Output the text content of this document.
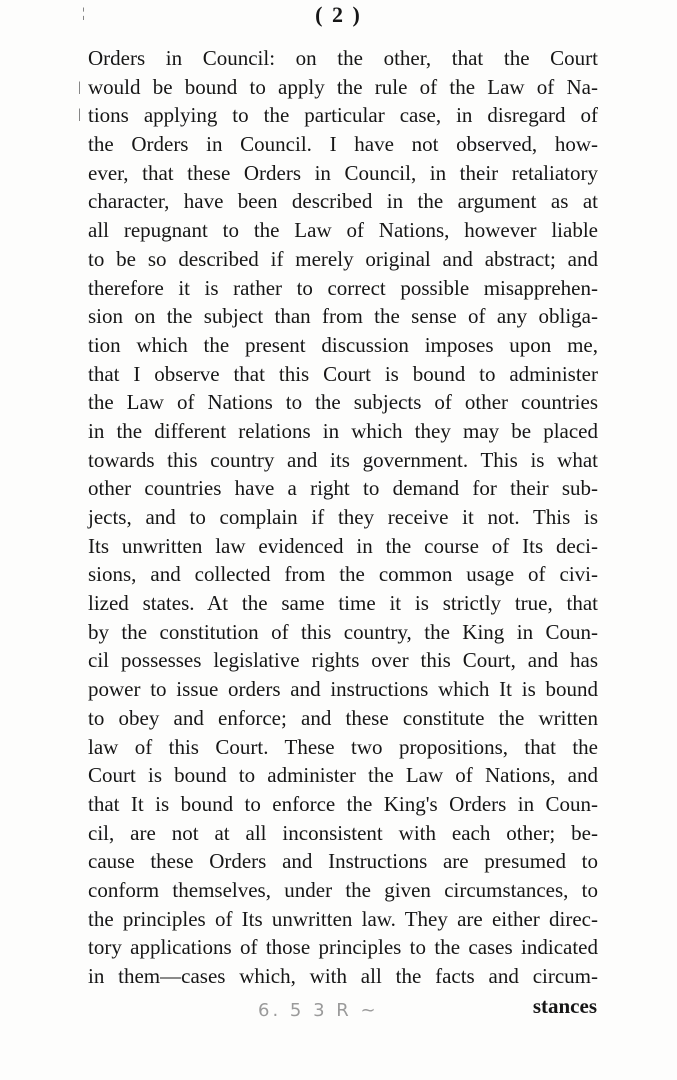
( 2 )
¦
|
|
Orders in Council: on the other, that the Court
would be bound to apply the rule of the Law of Na-
tions applying to the particular case, in disregard of
the Orders in Council. I have not observed, how-
ever, that these Orders in Council, in their retaliatory
character, have been described in the argument as at
all repugnant to the Law of Nations, however liable
to be so described if merely original and abstract; and
therefore it is rather to correct possible misapprehen-
sion on the subject than from the sense of any obliga-
tion which the present discussion imposes upon me,
that I observe that this Court is bound to administer
the Law of Nations to the subjects of other countries
in the different relations in which they may be placed
towards this country and its government. This is what
other countries have a right to demand for their sub-
jects, and to complain if they receive it not. This is
Its unwritten law evidenced in the course of Its deci-
sions, and collected from the common usage of civi-
lized states. At the same time it is strictly true, that
by the constitution of this country, the King in Coun-
cil possesses legislative rights over this Court, and has
power to issue orders and instructions which It is bound
to obey and enforce; and these constitute the written
law of this Court. These two propositions, that the
Court is bound to administer the Law of Nations, and
that It is bound to enforce the King's Orders in Coun-
cil, are not at all inconsistent with each other; be-
cause these Orders and Instructions are presumed to
conform themselves, under the given circumstances, to
the principles of Its unwritten law. They are either direc-
tory applications of those principles to the cases indicated
in them—cases which, with all the facts and circum-
6. 5 3 R ~	stances
